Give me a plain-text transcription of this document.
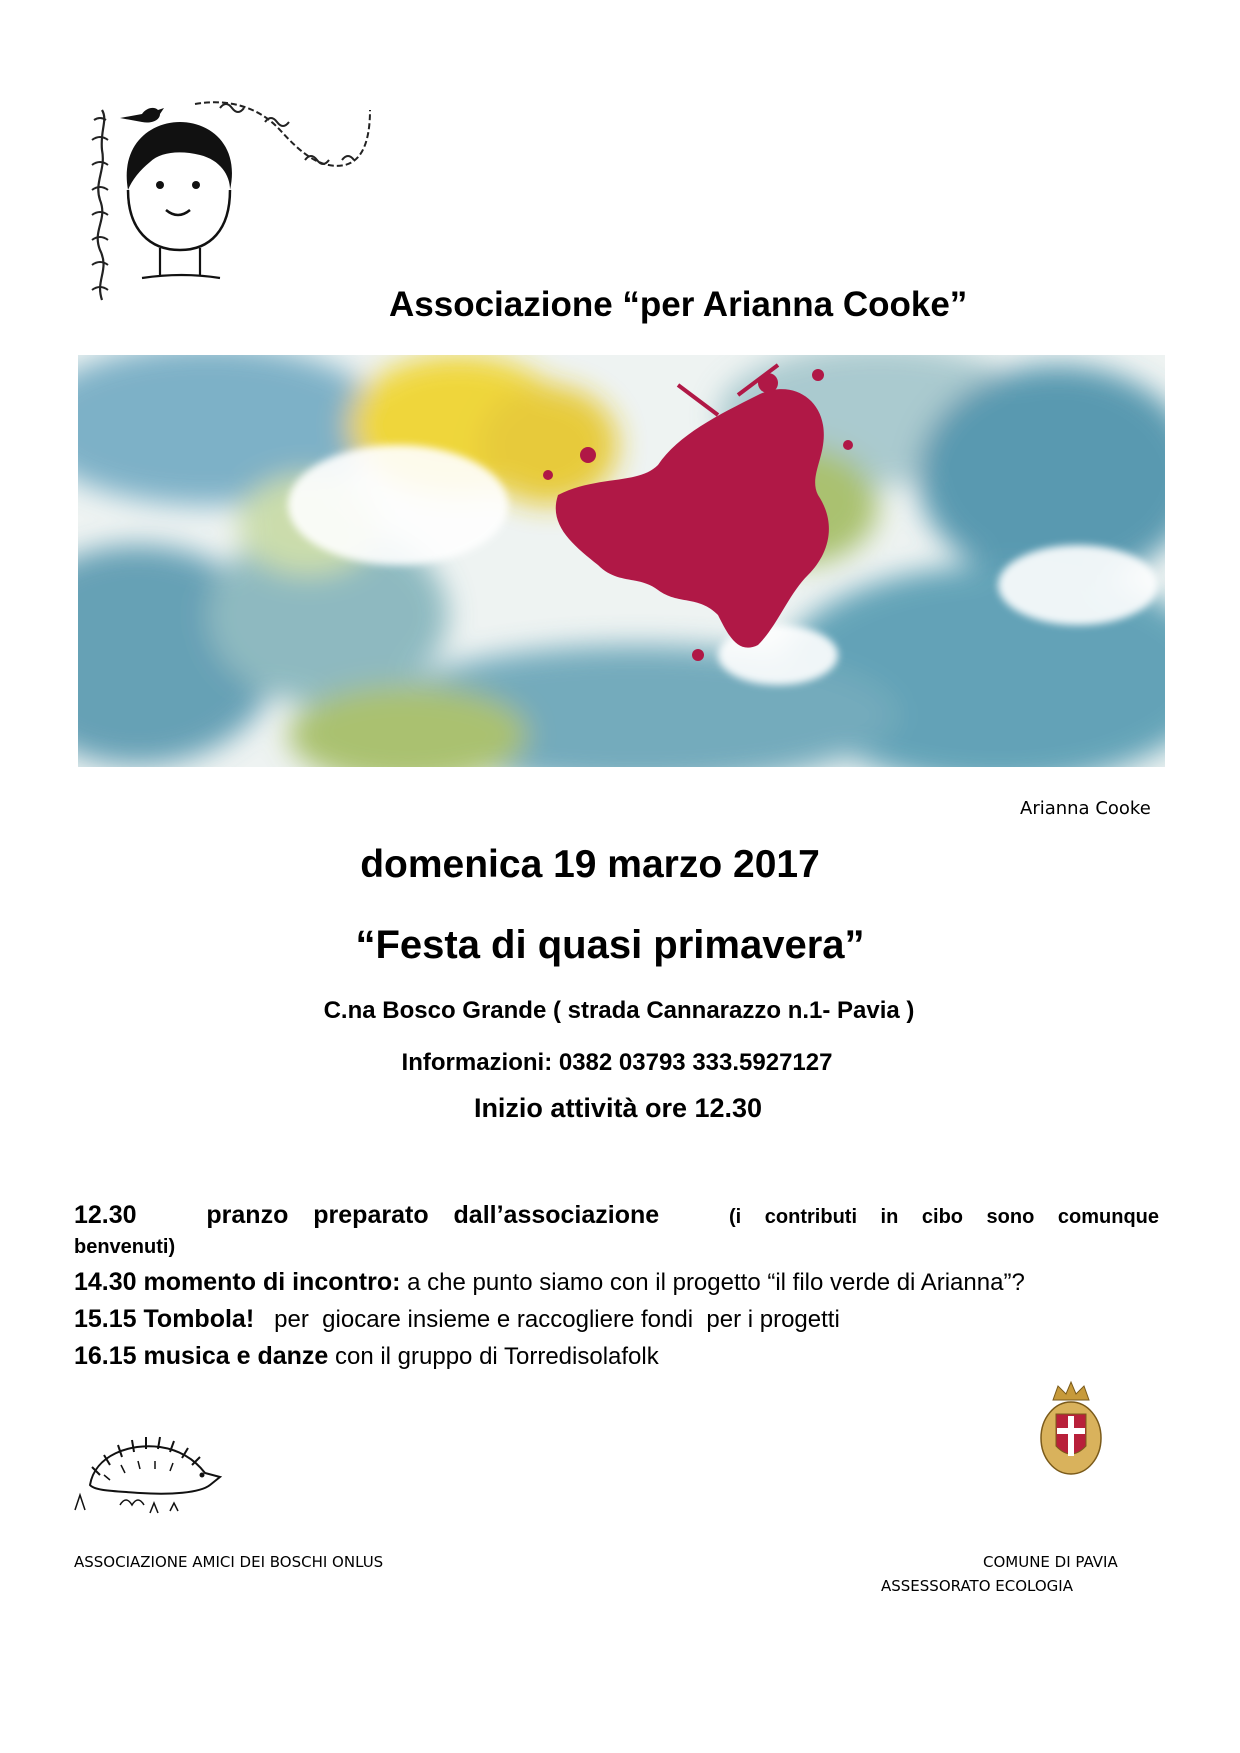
Associazione “per Arianna Cooke”
Arianna Cooke
domenica 19 marzo 2017
“Festa di quasi primavera”
C.na Bosco Grande ( strada Cannarazzo n.1- Pavia )
Informazioni: 0382 03793 333.5927127
Inizio attività ore 12.30
12.30	pranzo preparato dall’associazione	(i contributi in cibo sono comunque
benvenuti)
14.30 momento di incontro: a che punto siamo con il progetto “il filo verde di Arianna”?
15.15 Tombola!   per  giocare insieme e raccogliere fondi  per i progetti
16.15 musica e danze con il gruppo di Torredisolafolk
ASSOCIAZIONE AMICI DEI BOSCHI ONLUS	COMUNE DI PAVIA
ASSESSORATO ECOLOGIA
